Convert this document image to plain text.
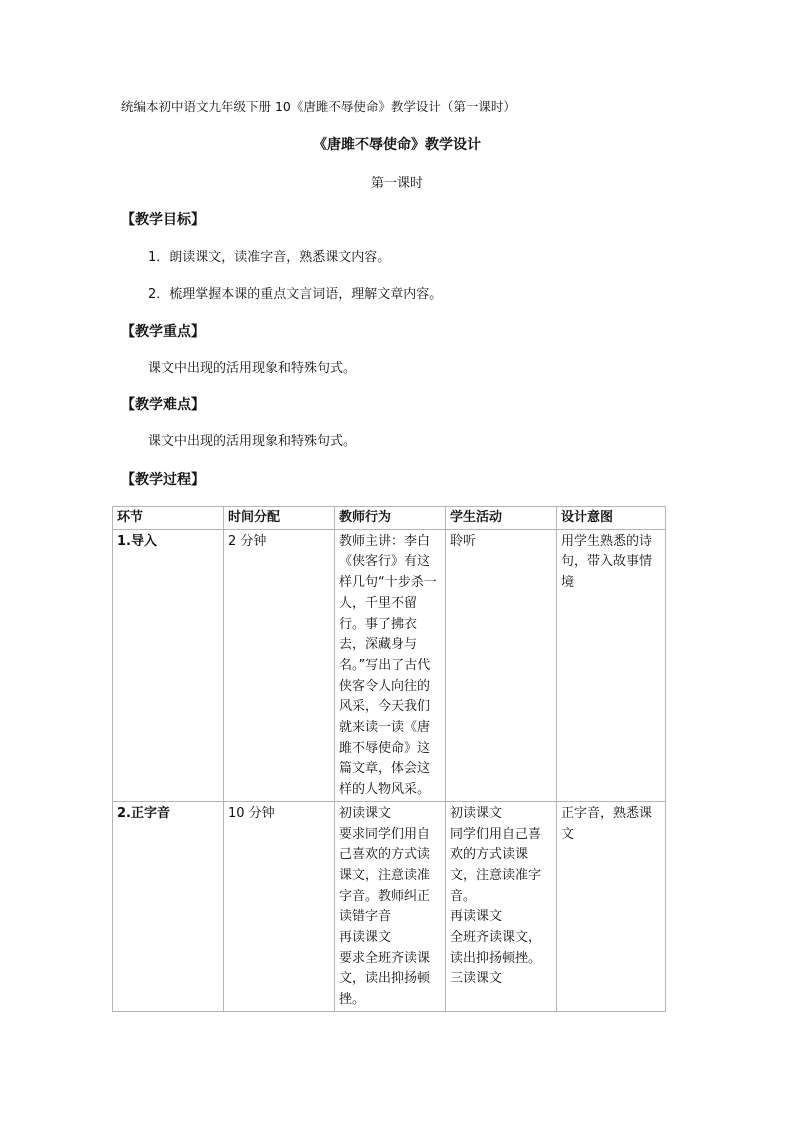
统编本初中语文九年级下册 10《唐雎不辱使命》教学设计（第一课时）
《唐雎不辱使命》教学设计
第一课时
【教学目标】
1．朗读课文，读准字音，熟悉课文内容。
2．梳理掌握本课的重点文言词语，理解文章内容。
【教学重点】
课文中出现的活用现象和特殊句式。
【教学难点】
课文中出现的活用现象和特殊句式。
【教学过程】
环节	时间分配	教师行为	学生活动	设计意图
1.导入	2 分钟	教师主讲：李白《侠客行》有这样几句“十步杀一人，千里不留行。事了拂衣去，深藏身与名。”写出了古代侠客令人向往的风采，今天我们就来读一读《唐雎不辱使命》这篇文章，体会这样的人物风采。	聆听	用学生熟悉的诗句，带入故事情境
2.正字音	10 分钟	初读课文
要求同学们用自己喜欢的方式读课文，注意读准字音。教师纠正读错字音
再读课文
要求全班齐读课文，读出抑扬顿挫。	初读课文
同学们用自己喜欢的方式读课文，注意读准字音。
再读课文
全班齐读课文，读出抑扬顿挫。
三读课文	正字音，熟悉课文
